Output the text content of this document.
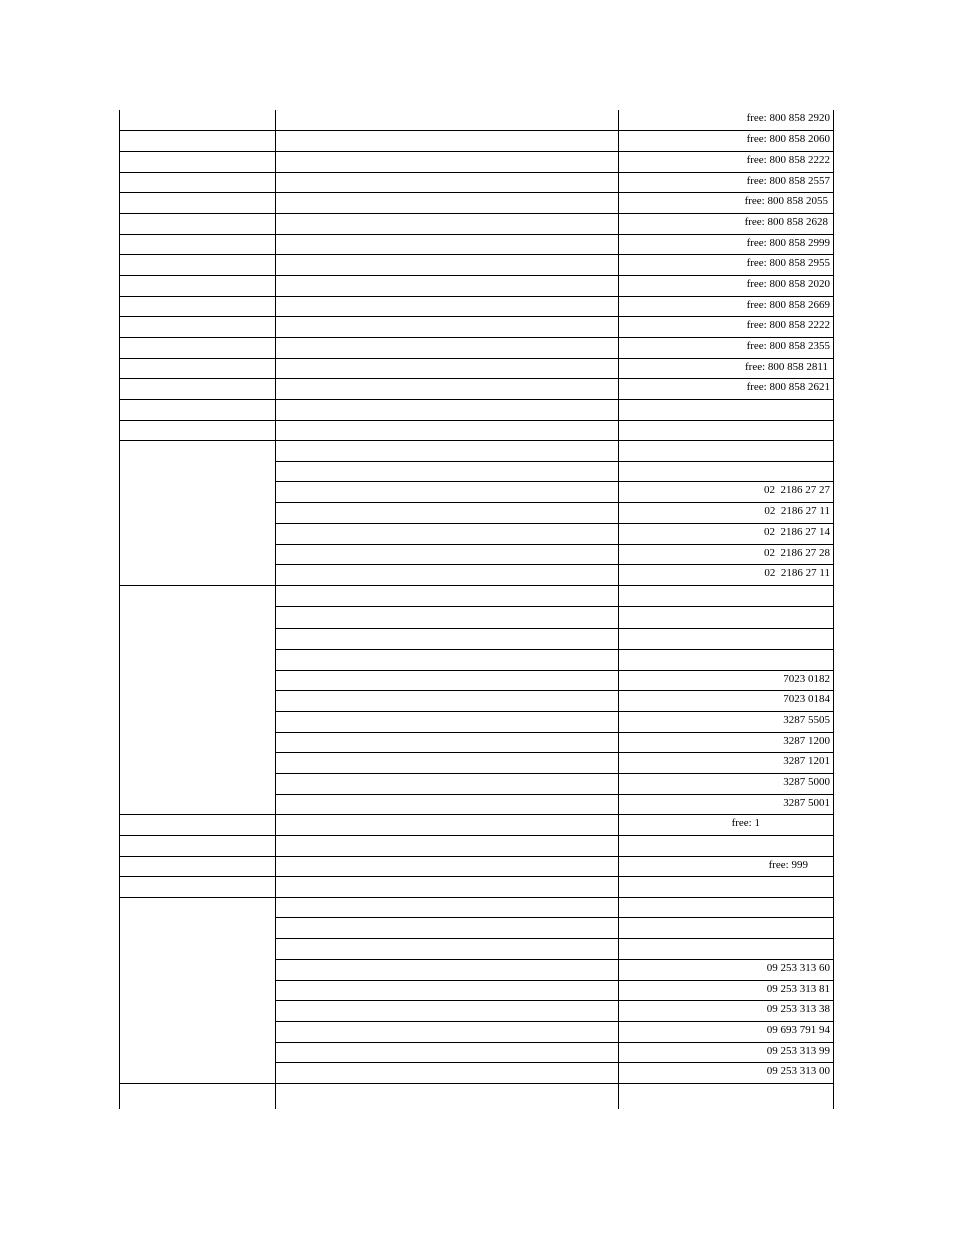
free: 800 858 2920
free: 800 858 2060
free: 800 858 2222
free: 800 858 2557
free: 800 858 2055
free: 800 858 2628
free: 800 858 2999
free: 800 858 2955
free: 800 858 2020
free: 800 858 2669
free: 800 858 2222
free: 800 858 2355
free: 800 858 2811
free: 800 858 2621
02  2186 27 27
02  2186 27 11
02  2186 27 14
02  2186 27 28
02  2186 27 11
7023 0182
7023 0184
3287 5505
3287 1200
3287 1201
3287 5000
3287 5001
free: 1
free: 999
09 253 313 60
09 253 313 81
09 253 313 38
09 693 791 94
09 253 313 99
09 253 313 00
